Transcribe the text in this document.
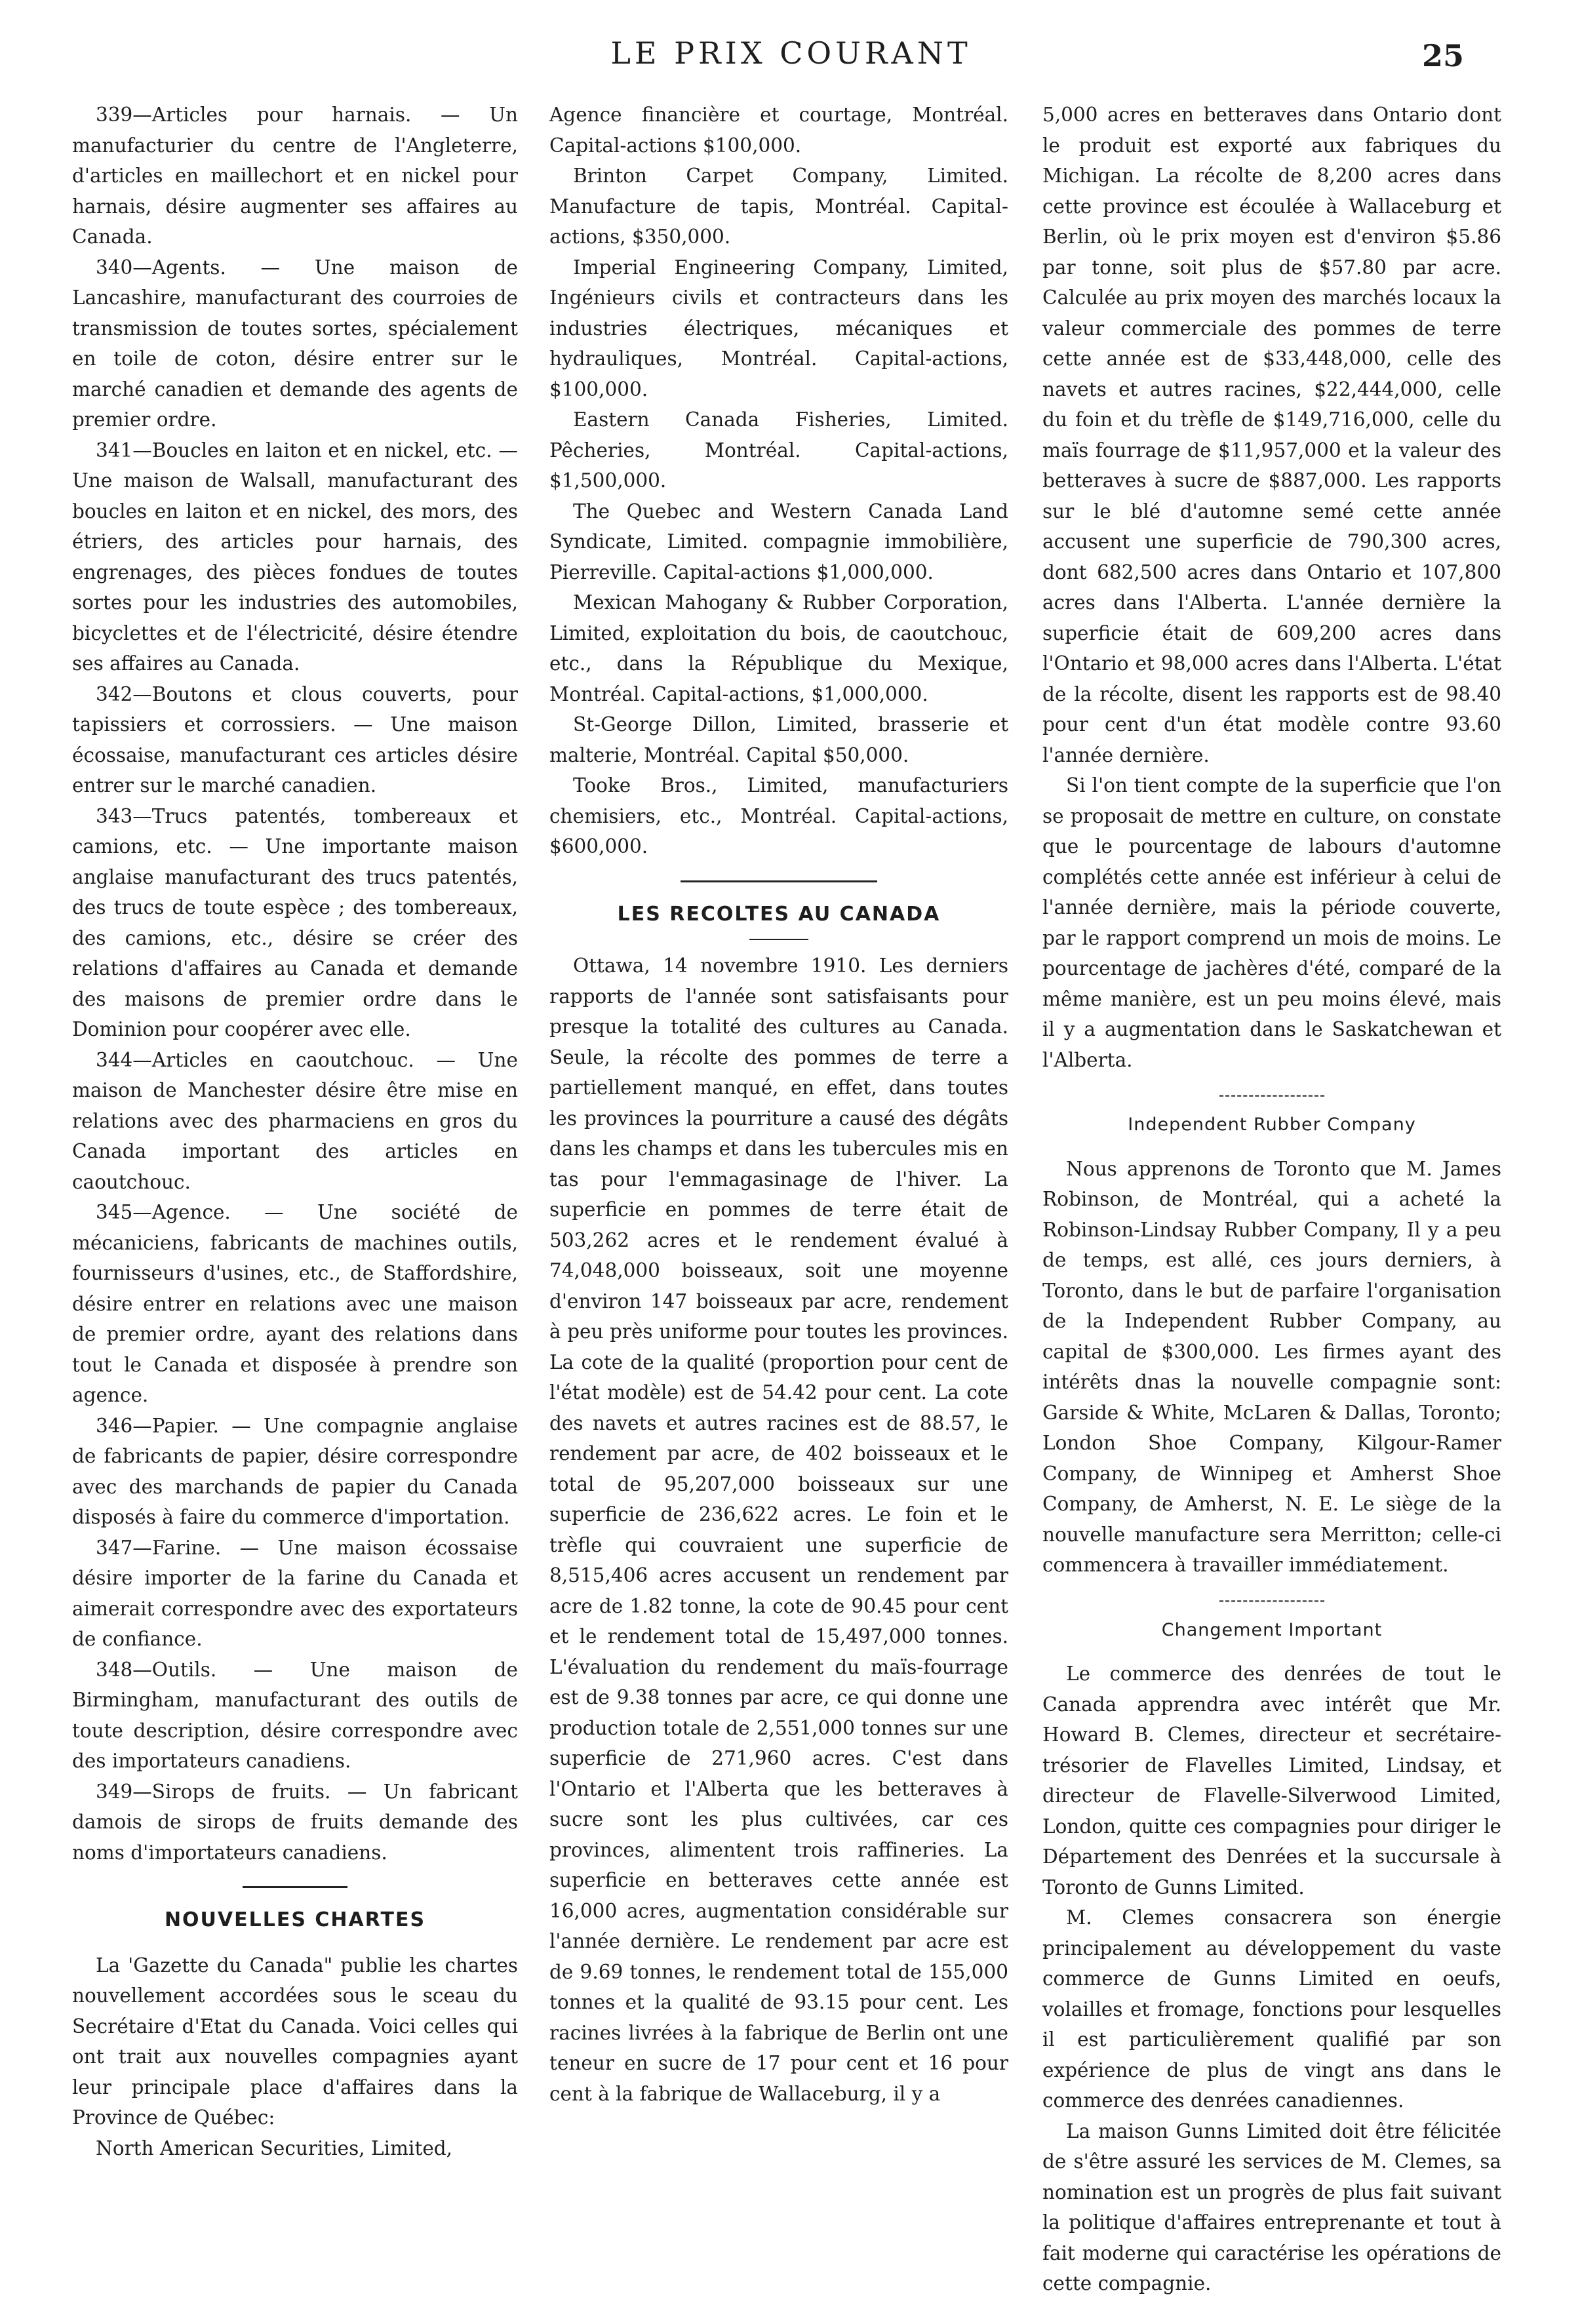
LE PRIX COURANT	25

339—Articles pour harnais. — Un manufacturier du centre de l'Angleterre, d'articles en maillechort et en nickel pour harnais, désire augmenter ses affaires au Canada.

340—Agents. — Une maison de Lancashire, manufacturant des courroies de transmission de toutes sortes, spécialement en toile de coton, désire entrer sur le marché canadien et demande des agents de premier ordre.

341—Boucles en laiton et en nickel, etc. — Une maison de Walsall, manufacturant des boucles en laiton et en nickel, des mors, des étriers, des articles pour harnais, des engrenages, des pièces fondues de toutes sortes pour les industries des automobiles, bicyclettes et de l'électricité, désire étendre ses affaires au Canada.

342—Boutons et clous couverts, pour tapissiers et corrossiers. — Une maison écossaise, manufacturant ces articles désire entrer sur le marché canadien.

343—Trucs patentés, tombereaux et camions, etc. — Une importante maison anglaise manufacturant des trucs patentés, des trucs de toute espèce ; des tombereaux, des camions, etc., désire se créer des relations d'affaires au Canada et demande des maisons de premier ordre dans le Dominion pour coopérer avec elle.

344—Articles en caoutchouc. — Une maison de Manchester désire être mise en relations avec des pharmaciens en gros du Canada important des articles en caoutchouc.

345—Agence. — Une société de mécaniciens, fabricants de machines outils, fournisseurs d'usines, etc., de Staffordshire, désire entrer en relations avec une maison de premier ordre, ayant des relations dans tout le Canada et disposée à prendre son agence.

346—Papier. — Une compagnie anglaise de fabricants de papier, désire correspondre avec des marchands de papier du Canada disposés à faire du commerce d'importation.

347—Farine. — Une maison écossaise désire importer de la farine du Canada et aimerait correspondre avec des exportateurs de confiance.

348—Outils. — Une maison de Birmingham, manufacturant des outils de toute description, désire correspondre avec des importateurs canadiens.

349—Sirops de fruits. — Un fabricant damois de sirops de fruits demande des noms d'importateurs canadiens.

NOUVELLES CHARTES

La 'Gazette du Canada" publie les chartes nouvellement accordées sous le sceau du Secrétaire d'Etat du Canada. Voici celles qui ont trait aux nouvelles compagnies ayant leur principale place d'affaires dans la Province de Québec:

North American Securities, Limited,

Agence financière et courtage, Montréal. Capital-actions $100,000.

Brinton Carpet Company, Limited. Manufacture de tapis, Montréal. Capital-actions, $350,000.

Imperial Engineering Company, Limited, Ingénieurs civils et contracteurs dans les industries électriques, mécaniques et hydrauliques, Montréal. Capital-actions, $100,000.

Eastern Canada Fisheries, Limited. Pêcheries, Montréal. Capital-actions, $1,500,000.

The Quebec and Western Canada Land Syndicate, Limited. compagnie immobilière, Pierreville. Capital-actions $1,000,000.

Mexican Mahogany & Rubber Corporation, Limited, exploitation du bois, de caoutchouc, etc., dans la République du Mexique, Montréal. Capital-actions, $1,000,000.

St-George Dillon, Limited, brasserie et malterie, Montréal. Capital $50,000.

Tooke Bros., Limited, manufacturiers chemisiers, etc., Montréal. Capital-actions, $600,000.

LES RECOLTES AU CANADA

Ottawa, 14 novembre 1910. Les derniers rapports de l'année sont satisfaisants pour presque la totalité des cultures au Canada. Seule, la récolte des pommes de terre a partiellement manqué, en effet, dans toutes les provinces la pourriture a causé des dégâts dans les champs et dans les tubercules mis en tas pour l'emmagasinage de l'hiver. La superficie en pommes de terre était de 503,262 acres et le rendement évalué à 74,048,000 boisseaux, soit une moyenne d'environ 147 boisseaux par acre, rendement à peu près uniforme pour toutes les provinces. La cote de la qualité (proportion pour cent de l'état modèle) est de 54.42 pour cent. La cote des navets et autres racines est de 88.57, le rendement par acre, de 402 boisseaux et le total de 95,207,000 boisseaux sur une superficie de 236,622 acres. Le foin et le trèfle qui couvraient une superficie de 8,515,406 acres accusent un rendement par acre de 1.82 tonne, la cote de 90.45 pour cent et le rendement total de 15,497,000 tonnes. L'évaluation du rendement du maïs-fourrage est de 9.38 tonnes par acre, ce qui donne une production totale de 2,551,000 tonnes sur une superficie de 271,960 acres. C'est dans l'Ontario et l'Alberta que les betteraves à sucre sont les plus cultivées, car ces provinces, alimentent trois raffineries. La superficie en betteraves cette année est 16,000 acres, augmentation considérable sur l'année dernière. Le rendement par acre est de 9.69 tonnes, le rendement total de 155,000 tonnes et la qualité de 93.15 pour cent. Les racines livrées à la fabrique de Berlin ont une teneur en sucre de 17 pour cent et 16 pour cent à la fabrique de Wallaceburg, il y a

5,000 acres en betteraves dans Ontario dont le produit est exporté aux fabriques du Michigan. La récolte de 8,200 acres dans cette province est écoulée à Wallaceburg et Berlin, où le prix moyen est d'environ $5.86 par tonne, soit plus de $57.80 par acre. Calculée au prix moyen des marchés locaux la valeur commerciale des pommes de terre cette année est de $33,448,000, celle des navets et autres racines, $22,444,000, celle du foin et du trèfle de $149,716,000, celle du maïs fourrage de $11,957,000 et la valeur des betteraves à sucre de $887,000. Les rapports sur le blé d'automne semé cette année accusent une superficie de 790,300 acres, dont 682,500 acres dans Ontario et 107,800 acres dans l'Alberta. L'année dernière la superficie était de 609,200 acres dans l'Ontario et 98,000 acres dans l'Alberta. L'état de la récolte, disent les rapports est de 98.40 pour cent d'un état modèle contre 93.60 l'année dernière.

Si l'on tient compte de la superficie que l'on se proposait de mettre en culture, on constate que le pourcentage de labours d'automne complétés cette année est inférieur à celui de l'année dernière, mais la période couverte, par le rapport comprend un mois de moins. Le pourcentage de jachères d'été, comparé de la même manière, est un peu moins élevé, mais il y a augmentation dans le Saskatchewan et l'Alberta.

Independent Rubber Company

Nous apprenons de Toronto que M. James Robinson, de Montréal, qui a acheté la Robinson-Lindsay Rubber Company, Il y a peu de temps, est allé, ces jours derniers, à Toronto, dans le but de parfaire l'organisation de la Independent Rubber Company, au capital de $300,000. Les firmes ayant des intérêts dnas la nouvelle compagnie sont: Garside & White, McLaren & Dallas, Toronto; London Shoe Company, Kilgour-Ramer Company, de Winnipeg et Amherst Shoe Company, de Amherst, N. E. Le siège de la nouvelle manufacture sera Merritton; celle-ci commencera à travailler immédiatement.

Changement Important

Le commerce des denrées de tout le Canada apprendra avec intérêt que Mr. Howard B. Clemes, directeur et secrétaire-trésorier de Flavelles Limited, Lindsay, et directeur de Flavelle-Silverwood Limited, London, quitte ces compagnies pour diriger le Département des Denrées et la succursale à Toronto de Gunns Limited.

M. Clemes consacrera son énergie principalement au développement du vaste commerce de Gunns Limited en oeufs, volailles et fromage, fonctions pour lesquelles il est particulièrement qualifié par son expérience de plus de vingt ans dans le commerce des denrées canadiennes.

La maison Gunns Limited doit être félicitée de s'être assuré les services de M. Clemes, sa nomination est un progrès de plus fait suivant la politique d'affaires entreprenante et tout à fait moderne qui caractérise les opérations de cette compagnie.
